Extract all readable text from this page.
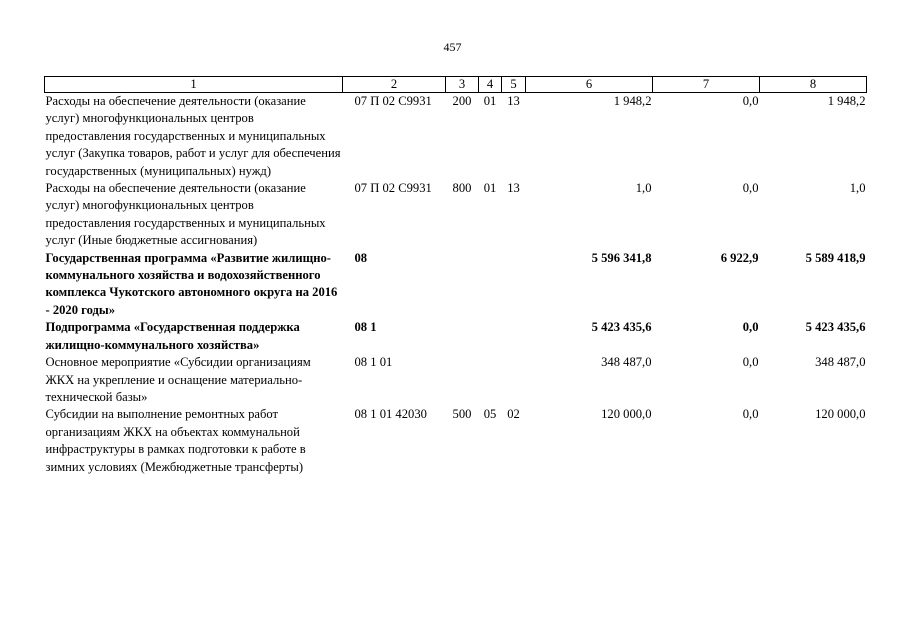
457
1	2	3	4	5	6	7	8
Расходы на обеспечение деятельности (оказание услуг) многофункциональных центров предоставления государственных и муниципальных услуг (Закупка товаров, работ и услуг для обеспечения государственных (муниципальных) нужд)	07 П 02 С9931	200	01	13	1 948,2	0,0	1 948,2
Расходы на обеспечение деятельности (оказание услуг) многофункциональных центров предоставления государственных и муниципальных услуг (Иные бюджетные ассигнования)	07 П 02 С9931	800	01	13	1,0	0,0	1,0
Государственная программа «Развитие жилищно-коммунального хозяйства и водохозяйственного комплекса Чукотского автономного округа на 2016 - 2020 годы»	08				5 596 341,8	6 922,9	5 589 418,9
Подпрограмма «Государственная поддержка жилищно-коммунального хозяйства»	08 1				5 423 435,6	0,0	5 423 435,6
Основное мероприятие «Субсидии организациям ЖКХ на укрепление и оснащение материально-технической базы»	08 1 01				348 487,0	0,0	348 487,0
Субсидии на выполнение ремонтных работ организациям ЖКХ на объектах коммунальной инфраструктуры в рамках подготовки к работе в зимних условиях (Межбюджетные трансферты)	08 1 01 42030	500	05	02	120 000,0	0,0	120 000,0
